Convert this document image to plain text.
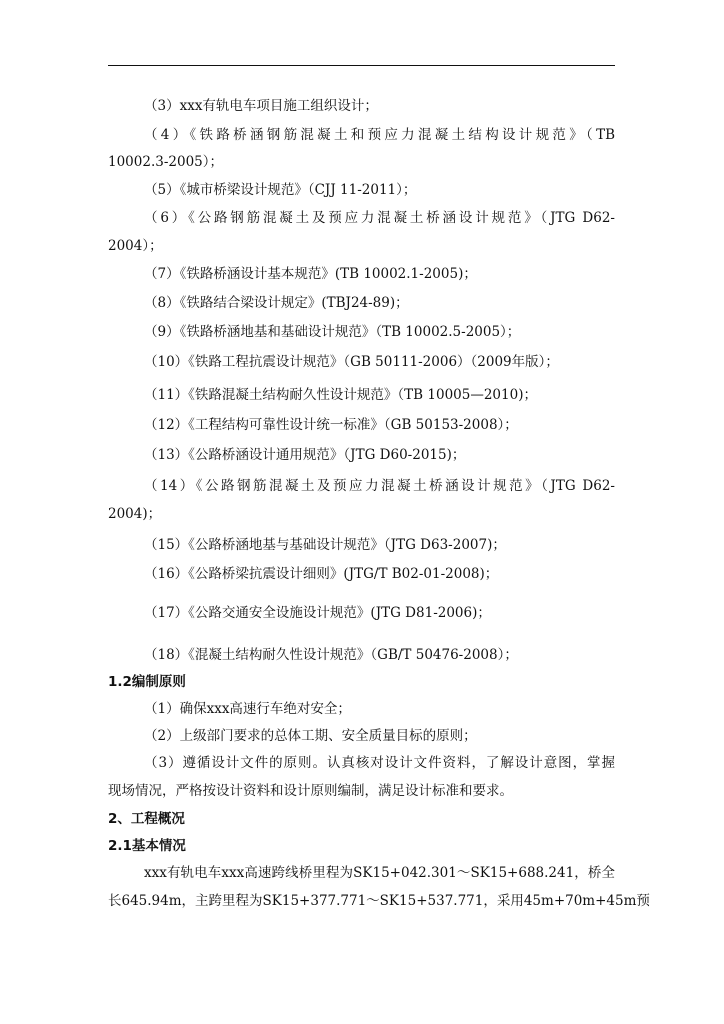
（3）xxx有轨电车项目施工组织设计；
（4）《铁路桥涵钢筋混凝土和预应力混凝土结构设计规范》（TB
10002.3-2005）；
（5）《城市桥梁设计规范》（CJJ 11-2011）；
（6）《公路钢筋混凝土及预应力混凝土桥涵设计规范》（JTG D62-
2004）；
（7）《铁路桥涵设计基本规范》(TB 10002.1-2005)；
（8）《铁路结合梁设计规定》(TBJ24-89)；
（9）《铁路桥涵地基和基础设计规范》（TB 10002.5-2005）；
（10）《铁路工程抗震设计规范》（GB 50111-2006）（2009年版）；
（11）《铁路混凝土结构耐久性设计规范》（TB 10005—2010)；
（12）《工程结构可靠性设计统一标准》（GB 50153-2008）；
（13）《公路桥涵设计通用规范》（JTG D60-2015)；
（14）《公路钢筋混凝土及预应力混凝土桥涵设计规范》（JTG D62-
2004)；
（15）《公路桥涵地基与基础设计规范》（JTG D63-2007)；
（16）《公路桥梁抗震设计细则》(JTG/T B02-01-2008)；
（17）《公路交通安全设施设计规范》(JTG D81-2006)；
（18）《混凝土结构耐久性设计规范》（GB/T 50476-2008）；
1.2编制原则
（1）确保xxx高速行车绝对安全；
（2）上级部门要求的总体工期、安全质量目标的原则；
（3）遵循设计文件的原则。认真核对设计文件资料，了解设计意图，掌握
现场情况，严格按设计资料和设计原则编制，满足设计标准和要求。
2、工程概况
2.1基本情况
xxx有轨电车xxx高速跨线桥里程为SK15+042.301～SK15+688.241，桥全
长645.94m，主跨里程为SK15+377.771～SK15+537.771，采用45m+70m+45m预
